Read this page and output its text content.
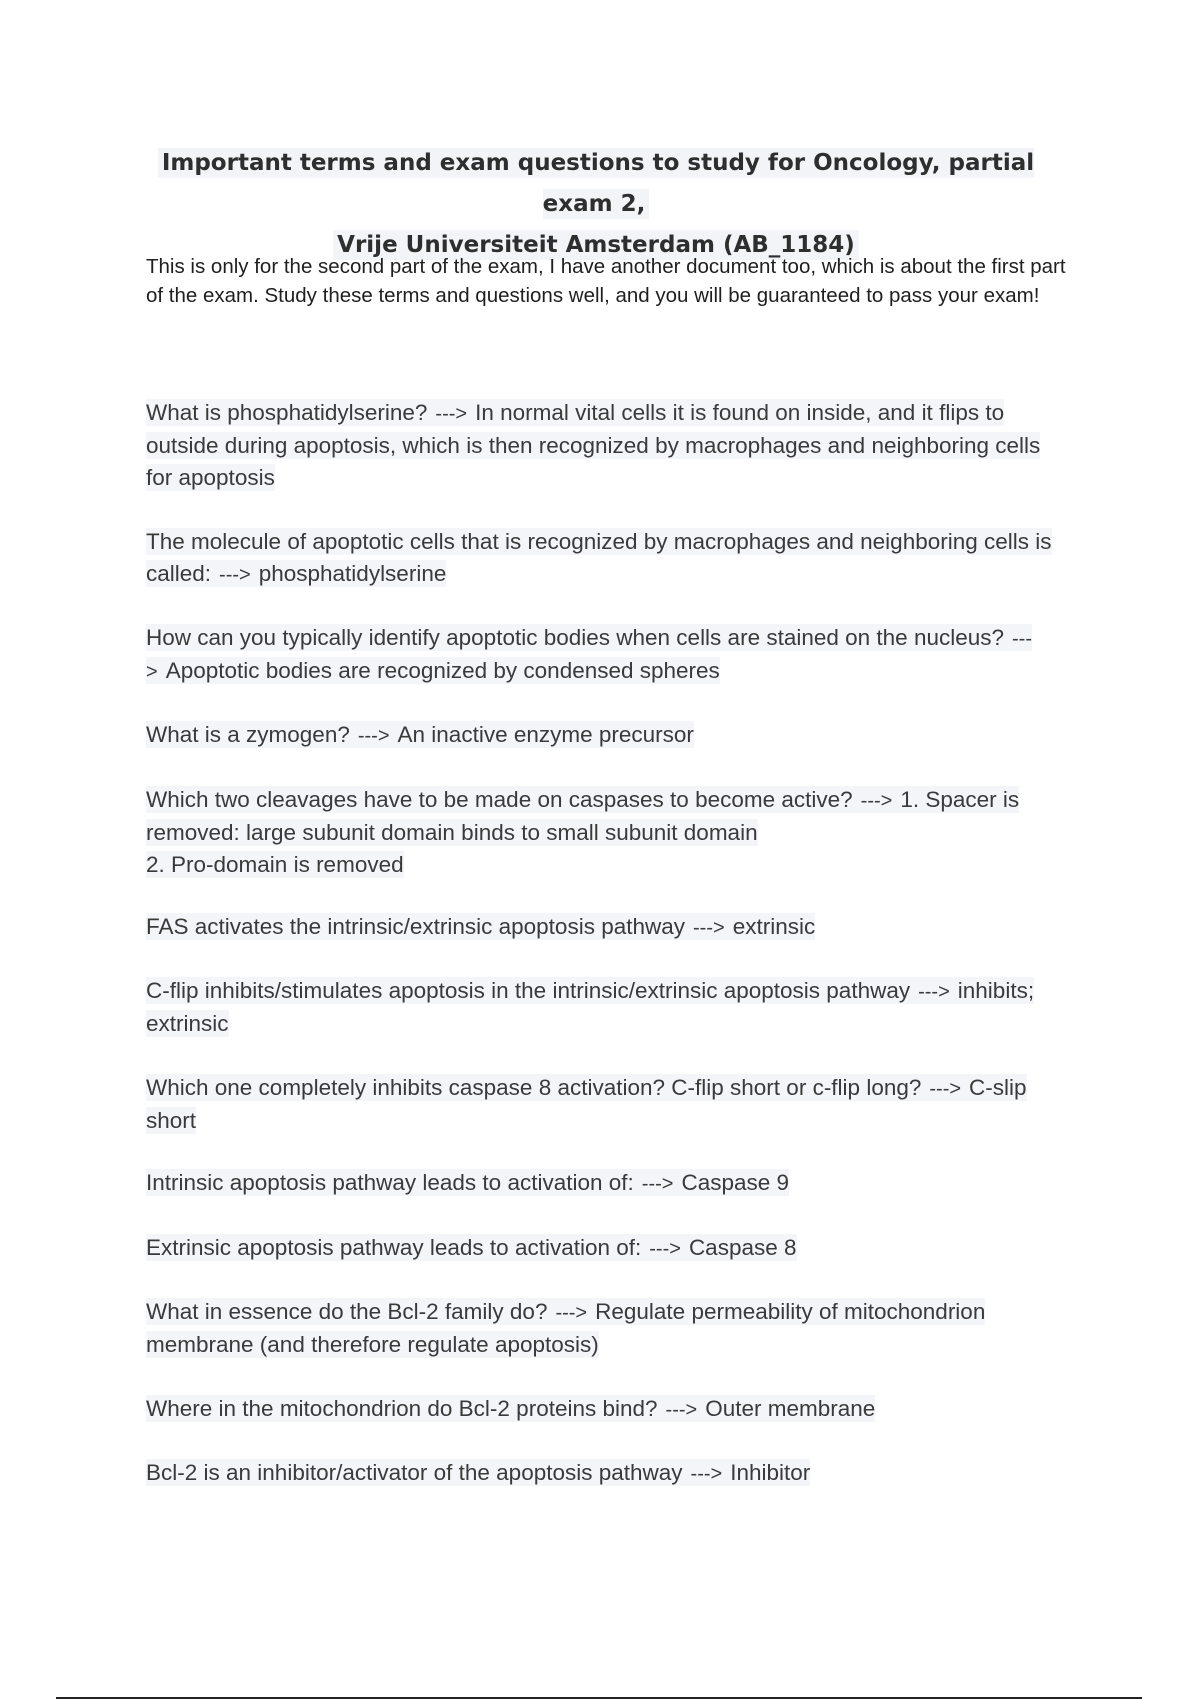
Important terms and exam questions to study for Oncology, partial exam 2,
Vrije Universiteit Amsterdam (AB_1184)
This is only for the second part of the exam, I have another document too, which is about the first part of the exam. Study these terms and questions well, and you will be guaranteed to pass your exam!
What is phosphatidylserine? ---> In normal vital cells it is found on inside, and it flips to outside during apoptosis, which is then recognized by macrophages and neighboring cells for apoptosis
The molecule of apoptotic cells that is recognized by macrophages and neighboring cells is called: ---> phosphatidylserine
How can you typically identify apoptotic bodies when cells are stained on the nucleus? ---> Apoptotic bodies are recognized by condensed spheres
What is a zymogen? ---> An inactive enzyme precursor
Which two cleavages have to be made on caspases to become active? ---> 1. Spacer is removed: large subunit domain binds to small subunit domain
2. Pro-domain is removed
FAS activates the intrinsic/extrinsic apoptosis pathway ---> extrinsic
C-flip inhibits/stimulates apoptosis in the intrinsic/extrinsic apoptosis pathway ---> inhibits; extrinsic
Which one completely inhibits caspase 8 activation? C-flip short or c-flip long? ---> C-slip short
Intrinsic apoptosis pathway leads to activation of: ---> Caspase 9
Extrinsic apoptosis pathway leads to activation of: ---> Caspase 8
What in essence do the Bcl-2 family do? ---> Regulate permeability of mitochondrion membrane (and therefore regulate apoptosis)
Where in the mitochondrion do Bcl-2 proteins bind? ---> Outer membrane
Bcl-2 is an inhibitor/activator of the apoptosis pathway ---> Inhibitor
